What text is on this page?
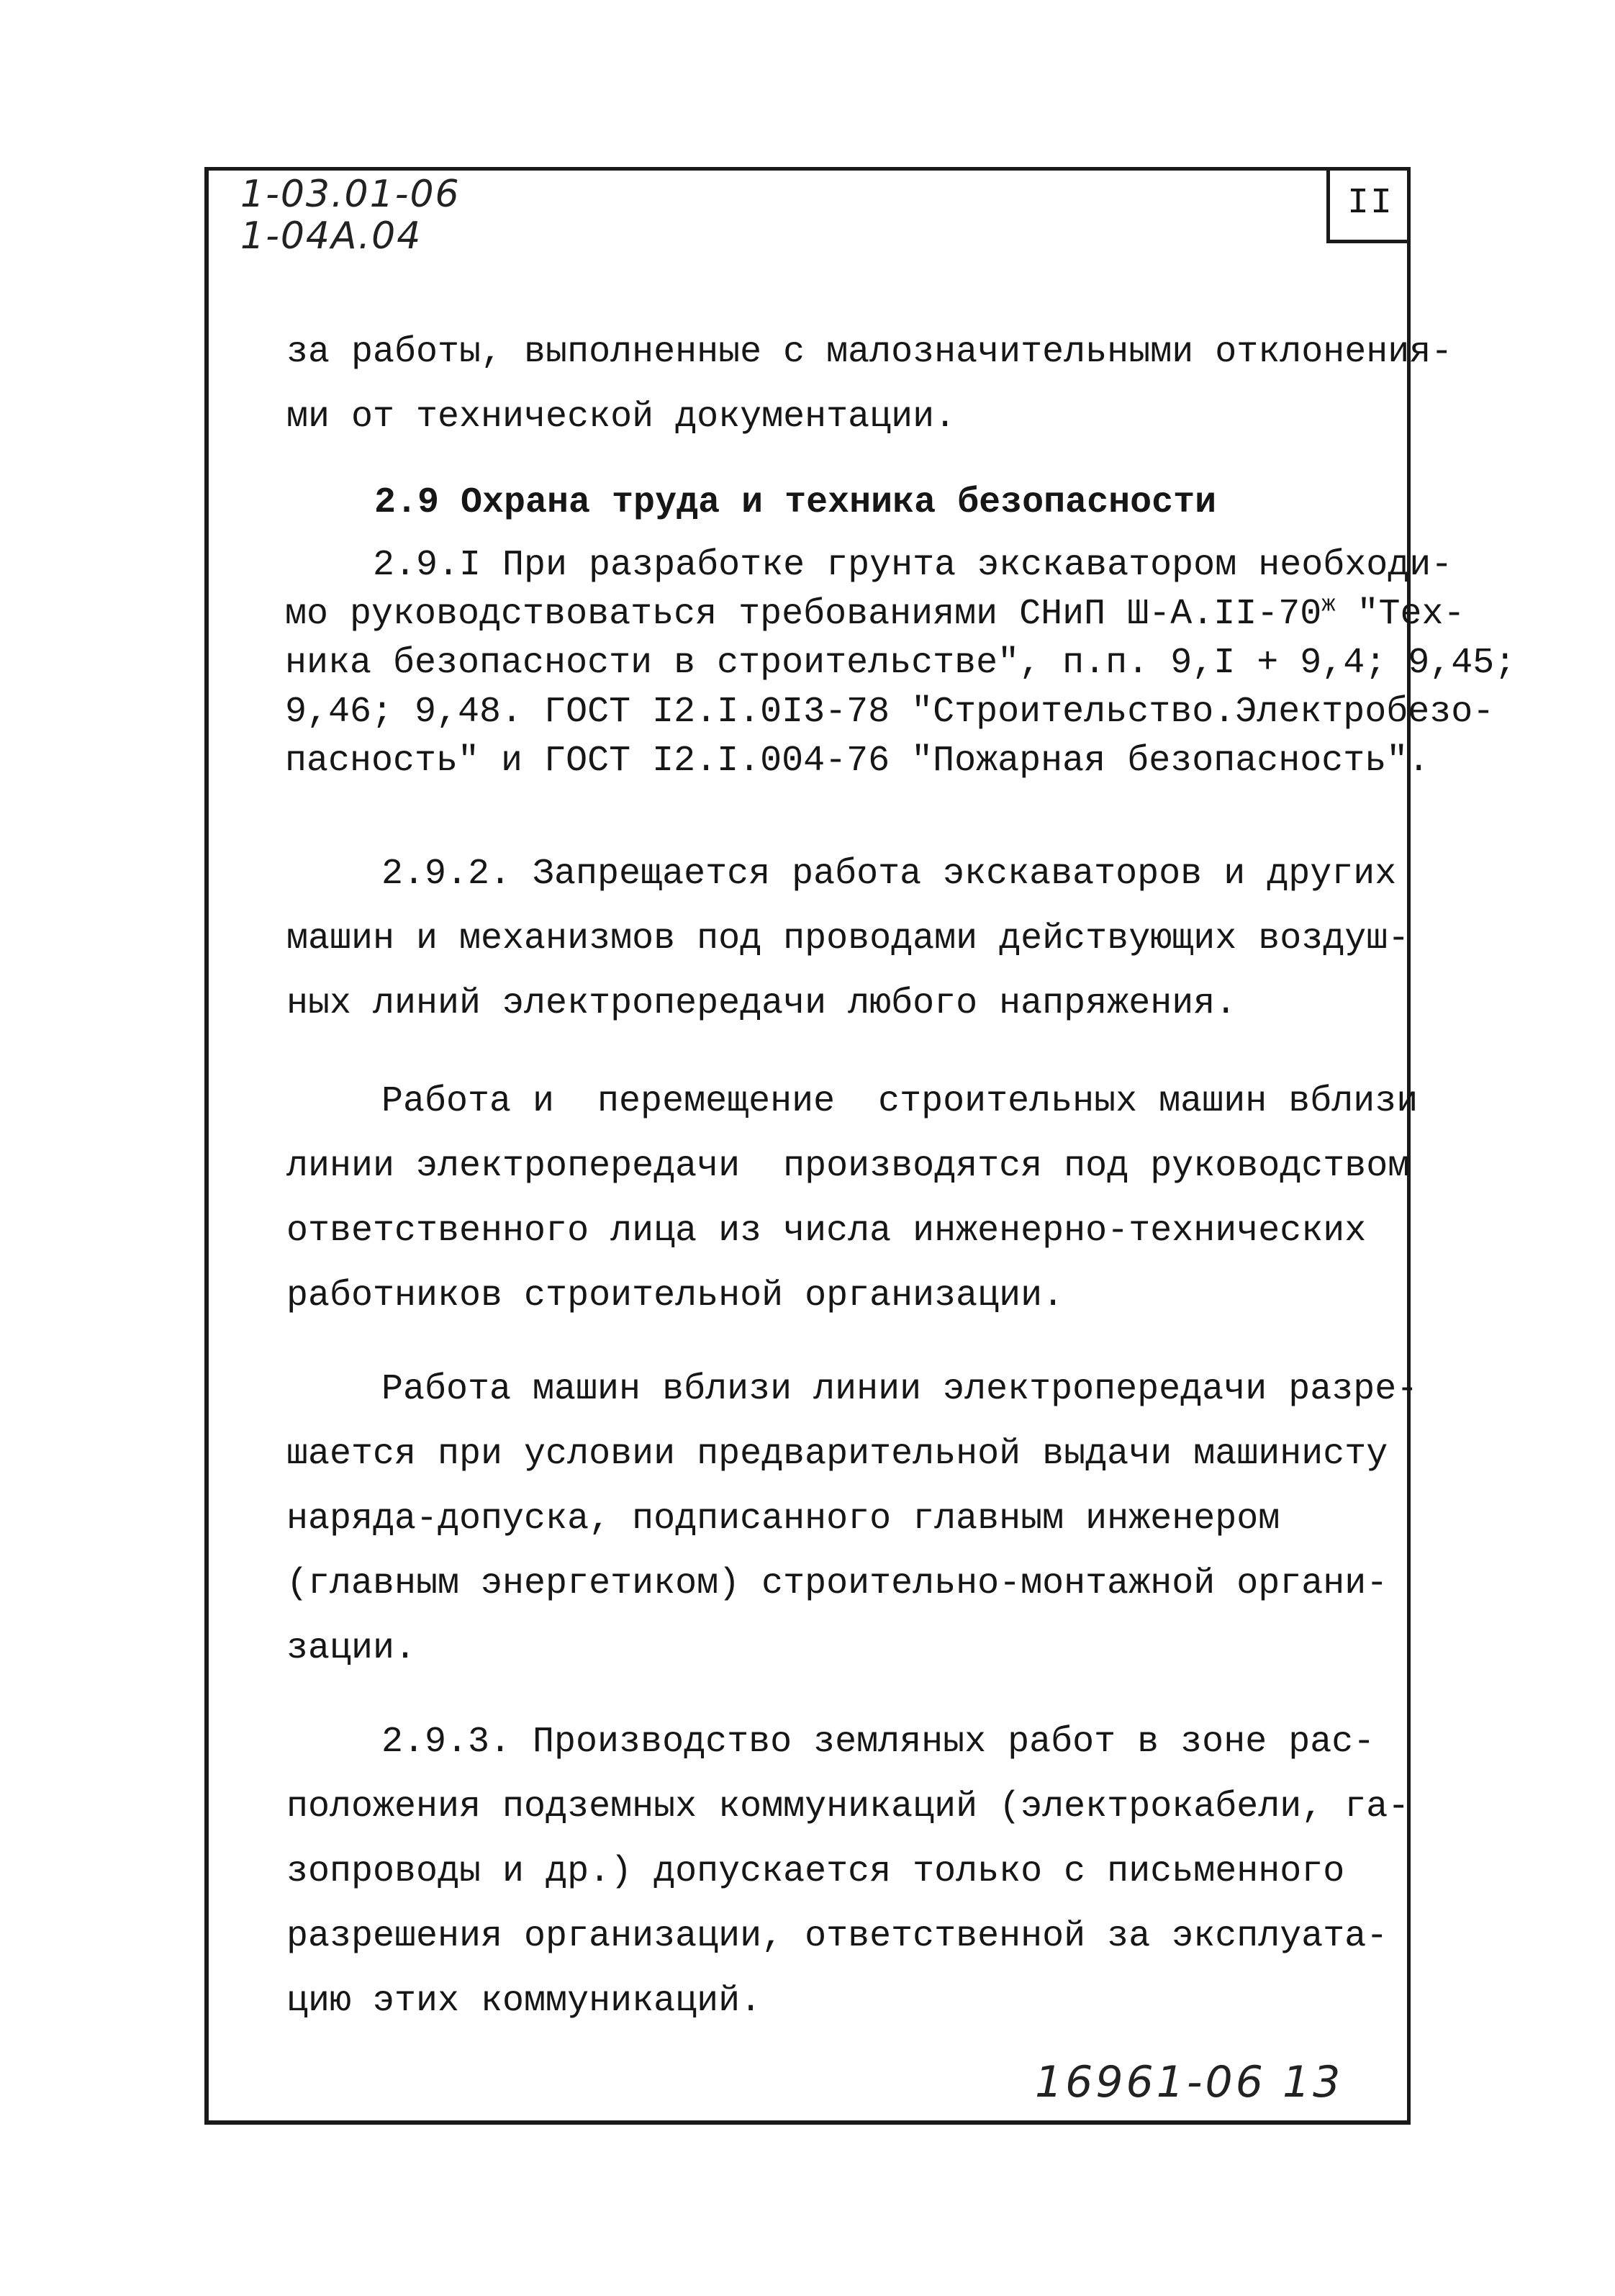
II
1-03.01-06
1-04А.04
за работы, выполненные с малозначительными отклонения-
ми от технической документации.
2.9 Охрана труда и техника безопасности
2.9.I При разработке грунта экскаватором необходи-
мо руководствоваться требованиями СНиП $Ш-А.II-70^ж$ "Тех-
ника безопасности в строительстве", п.п. 9,I + 9,4; 9,45;
9,46; 9,48. ГОСТ I2.I.0I3-78 "Строительство.Электробезо-
пасность" и ГОСТ I2.I.004-76 "Пожарная безопасность".
2.9.2. Запрещается работа экскаваторов и других
машин и механизмов под проводами действующих воздуш-
ных линий электропередачи любого напряжения.
Работа и  перемещение  строительных машин вблизи
линии электропередачи  производятся под руководством
ответственного лица из числа инженерно-технических
работников строительной организации.
Работа машин вблизи линии электропередачи разре-
шается при условии предварительной выдачи машинисту
наряда-допуска, подписанного главным инженером
(главным энергетиком) строительно-монтажной органи-
зации.
2.9.3. Производство земляных работ в зоне рас-
положения подземных коммуникаций (электрокабели, га-
зопроводы и др.) допускается только с письменного
разрешения организации, ответственной за эксплуата-
цию этих коммуникаций.
16961-06 13
